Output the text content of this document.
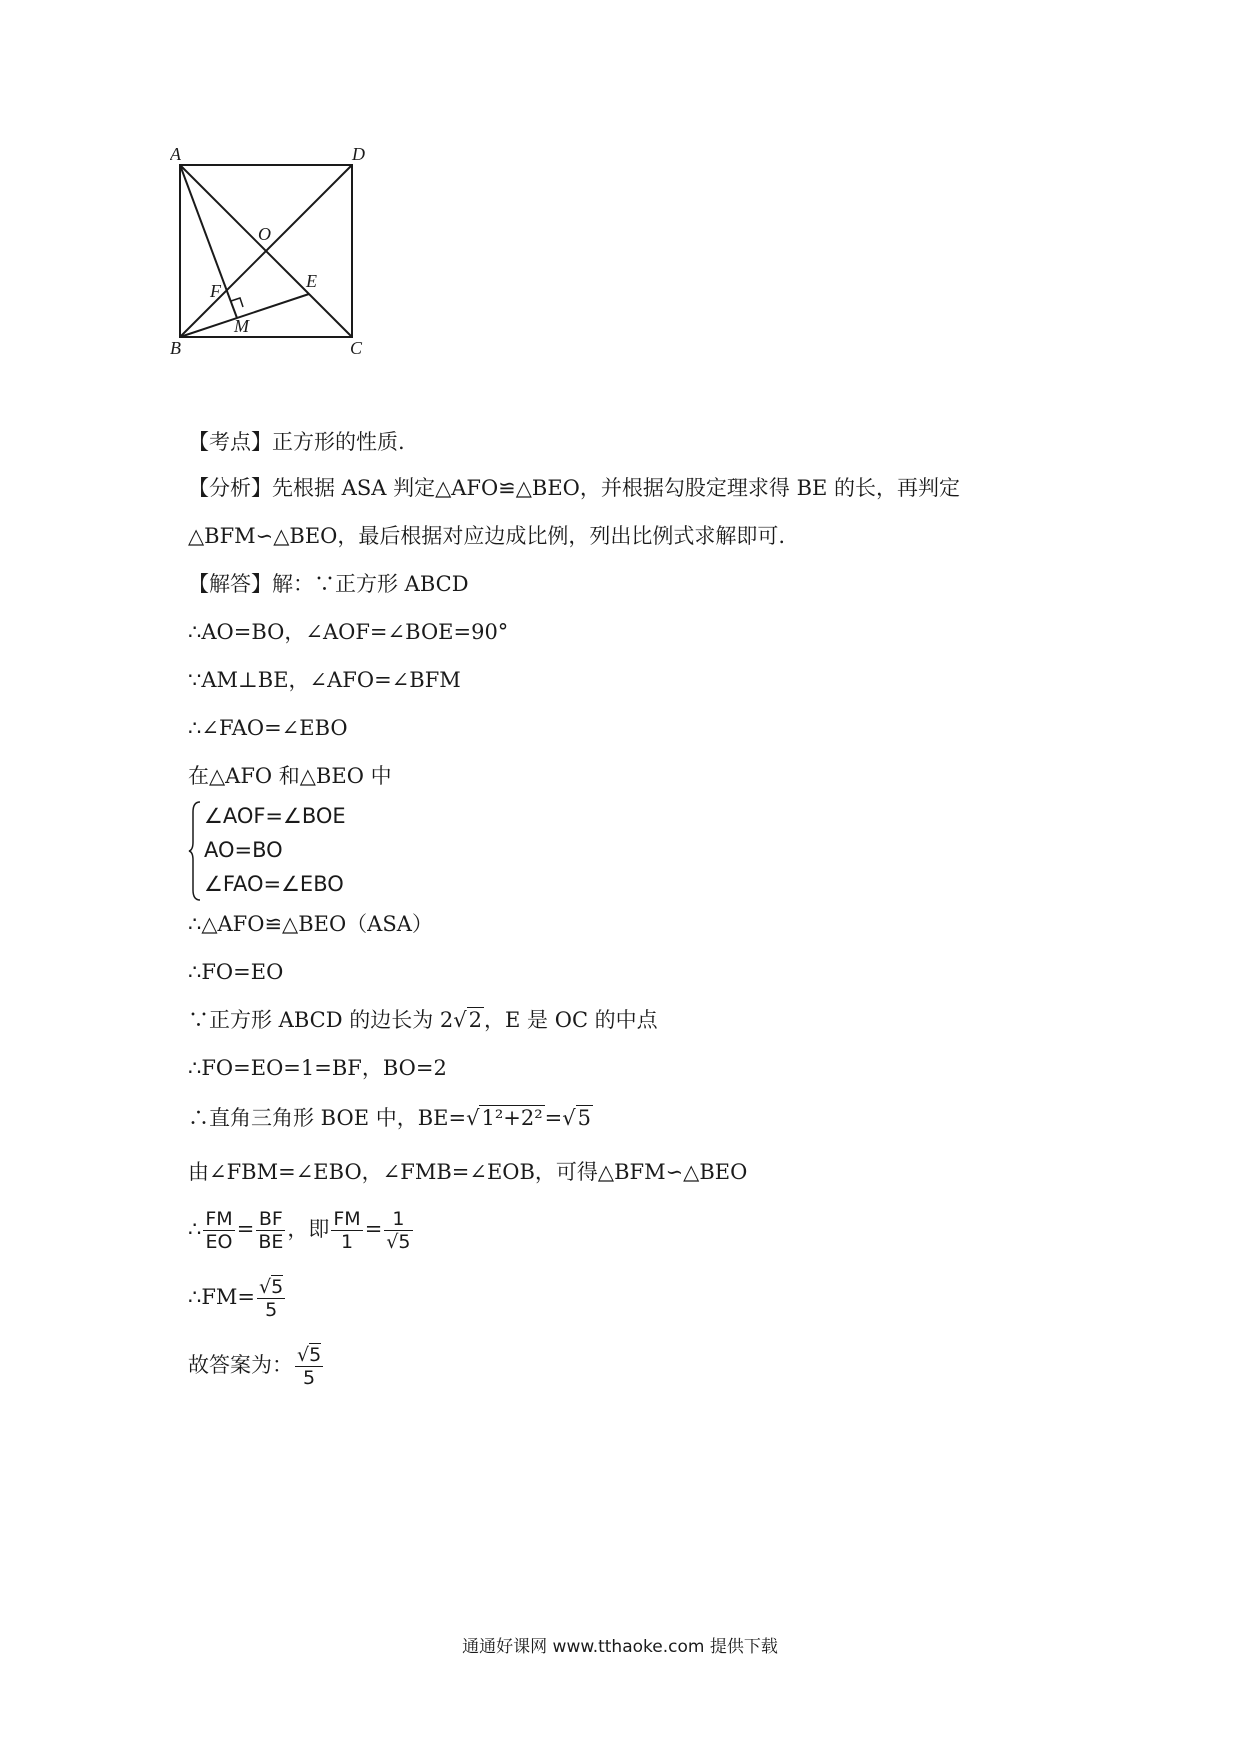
A	D
O
E
F
M
B	C
【考点】正方形的性质.
【分析】先根据 ASA 判定△AFO≌△BEO，并根据勾股定理求得 BE 的长，再判定
△BFM∽△BEO，最后根据对应边成比例，列出比例式求解即可.
【解答】解：∵正方形 ABCD
∴AO=BO，∠AOF=∠BOE=90°
∵AM⊥BE，∠AFO=∠BFM
∴∠FAO=∠EBO
在△AFO 和△BEO 中
∠AOF=∠BOE
AO=BO
∠FAO=∠EBO
∴△AFO≌△BEO（ASA）
∴FO=EO
∵正方形 ABCD 的边长为 2√2，E 是 OC 的中点
∴FO=EO=1=BF，BO=2
∴直角三角形 BOE 中，BE=√1²+2²=√5
由∠FBM=∠EBO，∠FMB=∠EOB，可得△BFM∽△BEO
∴ $\frac{FM}{EO} = \frac{BF}{BE}$ ，即 $\frac{FM}{1} = \frac{1}{√5}$
∴FM= $\frac{√5}{5}$
故答案为： $\frac{√5}{5}$
通通好课网 www.tthaoke.com 提供下载
